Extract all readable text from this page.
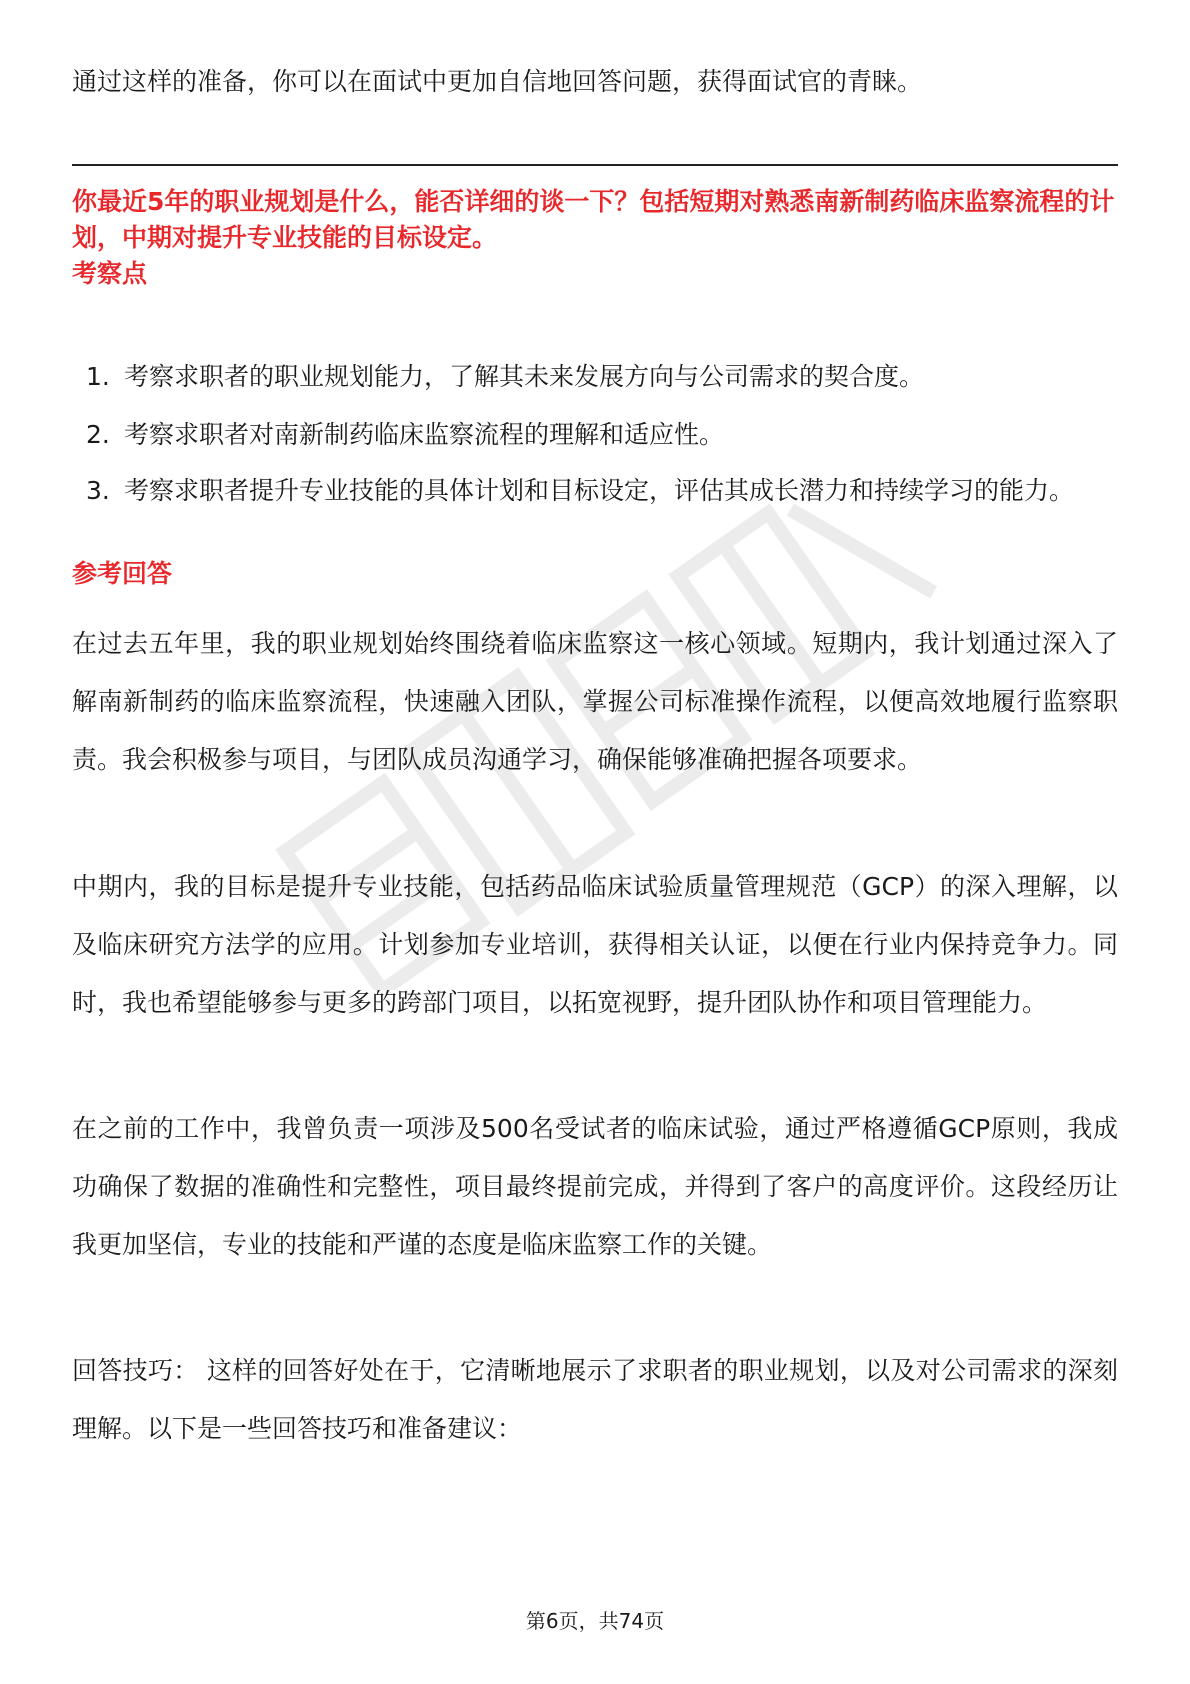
通过这样的准备，你可以在面试中更加自信地回答问题，获得面试官的青睐。

你最近5年的职业规划是什么，能否详细的谈一下？包括短期对熟悉南新制药临床监察流程的计划，中期对提升专业技能的目标设定。

考察点

1. 考察求职者的职业规划能力，了解其未来发展方向与公司需求的契合度。
2. 考察求职者对南新制药临床监察流程的理解和适应性。
3. 考察求职者提升专业技能的具体计划和目标设定，评估其成长潜力和持续学习的能力。

参考回答

在过去五年里，我的职业规划始终围绕着临床监察这一核心领域。短期内，我计划通过深入了解南新制药的临床监察流程，快速融入团队，掌握公司标准操作流程，以便高效地履行监察职责。我会积极参与项目，与团队成员沟通学习，确保能够准确把握各项要求。

中期内，我的目标是提升专业技能，包括药品临床试验质量管理规范（GCP）的深入理解，以及临床研究方法学的应用。计划参加专业培训，获得相关认证，以便在行业内保持竞争力。同时，我也希望能够参与更多的跨部门项目，以拓宽视野，提升团队协作和项目管理能力。

在之前的工作中，我曾负责一项涉及500名受试者的临床试验，通过严格遵循GCP原则，我成功确保了数据的准确性和完整性，项目最终提前完成，并得到了客户的高度评价。这段经历让我更加坚信，专业的技能和严谨的态度是临床监察工作的关键。

回答技巧： 这样的回答好处在于，它清晰地展示了求职者的职业规划，以及对公司需求的深刻理解。以下是一些回答技巧和准备建议：

第6页，共74页
